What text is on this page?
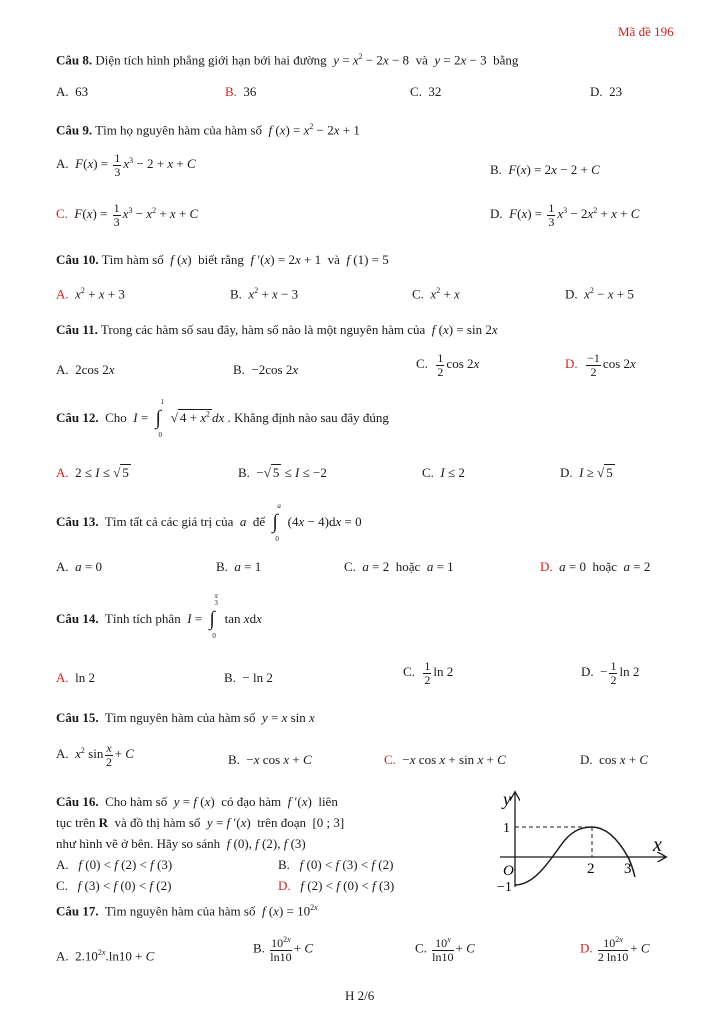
Mã đề 196
Câu 8. Diện tích hình phẳng giới hạn bởi hai đường $y = x^2 - 2x - 8$  và y = 2x − 3  bằng
A. 63	B. 36	C. 32	D. 23
Câu 9. Tìm họ nguyên hàm của hàm số f $(x) = x^2 - 2x + 1$
A. $F(x) = \frac{1}{3} x^3 - 2 + x + C$	B. F(x) = 2x − 2 + C
C. $F(x) = \frac{1}{3} x^3 - x^2 + x + C$	D. $F(x) = \frac{1}{3} x^3 - 2x^2 + x + C$
Câu 10. Tìm hàm số f (x)  biết rằng f ′(x) = 2x + 1  và f (1) = 5
A. $x^2 + x + 3$	B. $x^2 + x - 3$	C. $x^2 + x$	D. $x^2 - x + 5$
Câu 11. Trong các hàm số sau đây, hàm số nào là một nguyên hàm của f (x) = sin 2x
A.  2cos 2x	B.  −2cos 2x	C. $\frac{1}{2}$ cos 2x	D. $\frac{-1}{2}$ cos 2x
Câu 12. Cho I =
1
∫
0
√ $4 + x^2$ dx . Khẳng định nào sau đây đúng
A.  2 ≤ I ≤ √ 5	B.  −√ 5 ≤ I ≤ −2	C. I ≤ 2	D. I ≥ √ 5
Câu 13. Tìm tất cả các giá trị của a để
a
∫
0
(4x − 4)dx = 0
A. a = 0	B. a = 1	C. a = 2  hoặc a = 1	D. a = 0  hoặc a = 2
Câu 14. Tính tích phân I =
π
3
∫
0
tan xdx
A.  ln 2	B.  − ln 2	C. $\frac{1}{2}$ ln 2	D.  − $\frac{1}{2}$ ln 2
Câu 15. Tìm nguyên hàm của hàm số y = x sin x
A. $x^2$ $\sin \frac{x}{2} + C$	B.  −x cos x + C	C.  −x cos x + sin x + C	D.  cos x + C
Câu 16. Cho hàm số y = f (x)  có đạo hàm f ′(x)  liên
tục trên R và đồ thị hàm số y = f ′(x)  trên đoạn  [0 ; 3]
như hình vẽ ở bên. Hãy so sánh f (0), f (2), f (3)
A. f (0) < f (2) < f (3)	B. f (0) < f (3) < f (2)
C. f (3) < f (0) < f (2)	D. f (2) < f (0) < f (3)
y
x
O	2 3
1
−1
Câu 17. Tìm nguyên hàm của hàm số f $(x) = 10^{2x}$
A.  $2.10^{2x}.\ln 10 + C$
B. $\frac{10^{2x}}{\ln 10} + C$	C. $\frac{10^x}{\ln 10} + C$	D. $\frac{10^{2x}}{2 \ln 10} + C$
H 2/6
